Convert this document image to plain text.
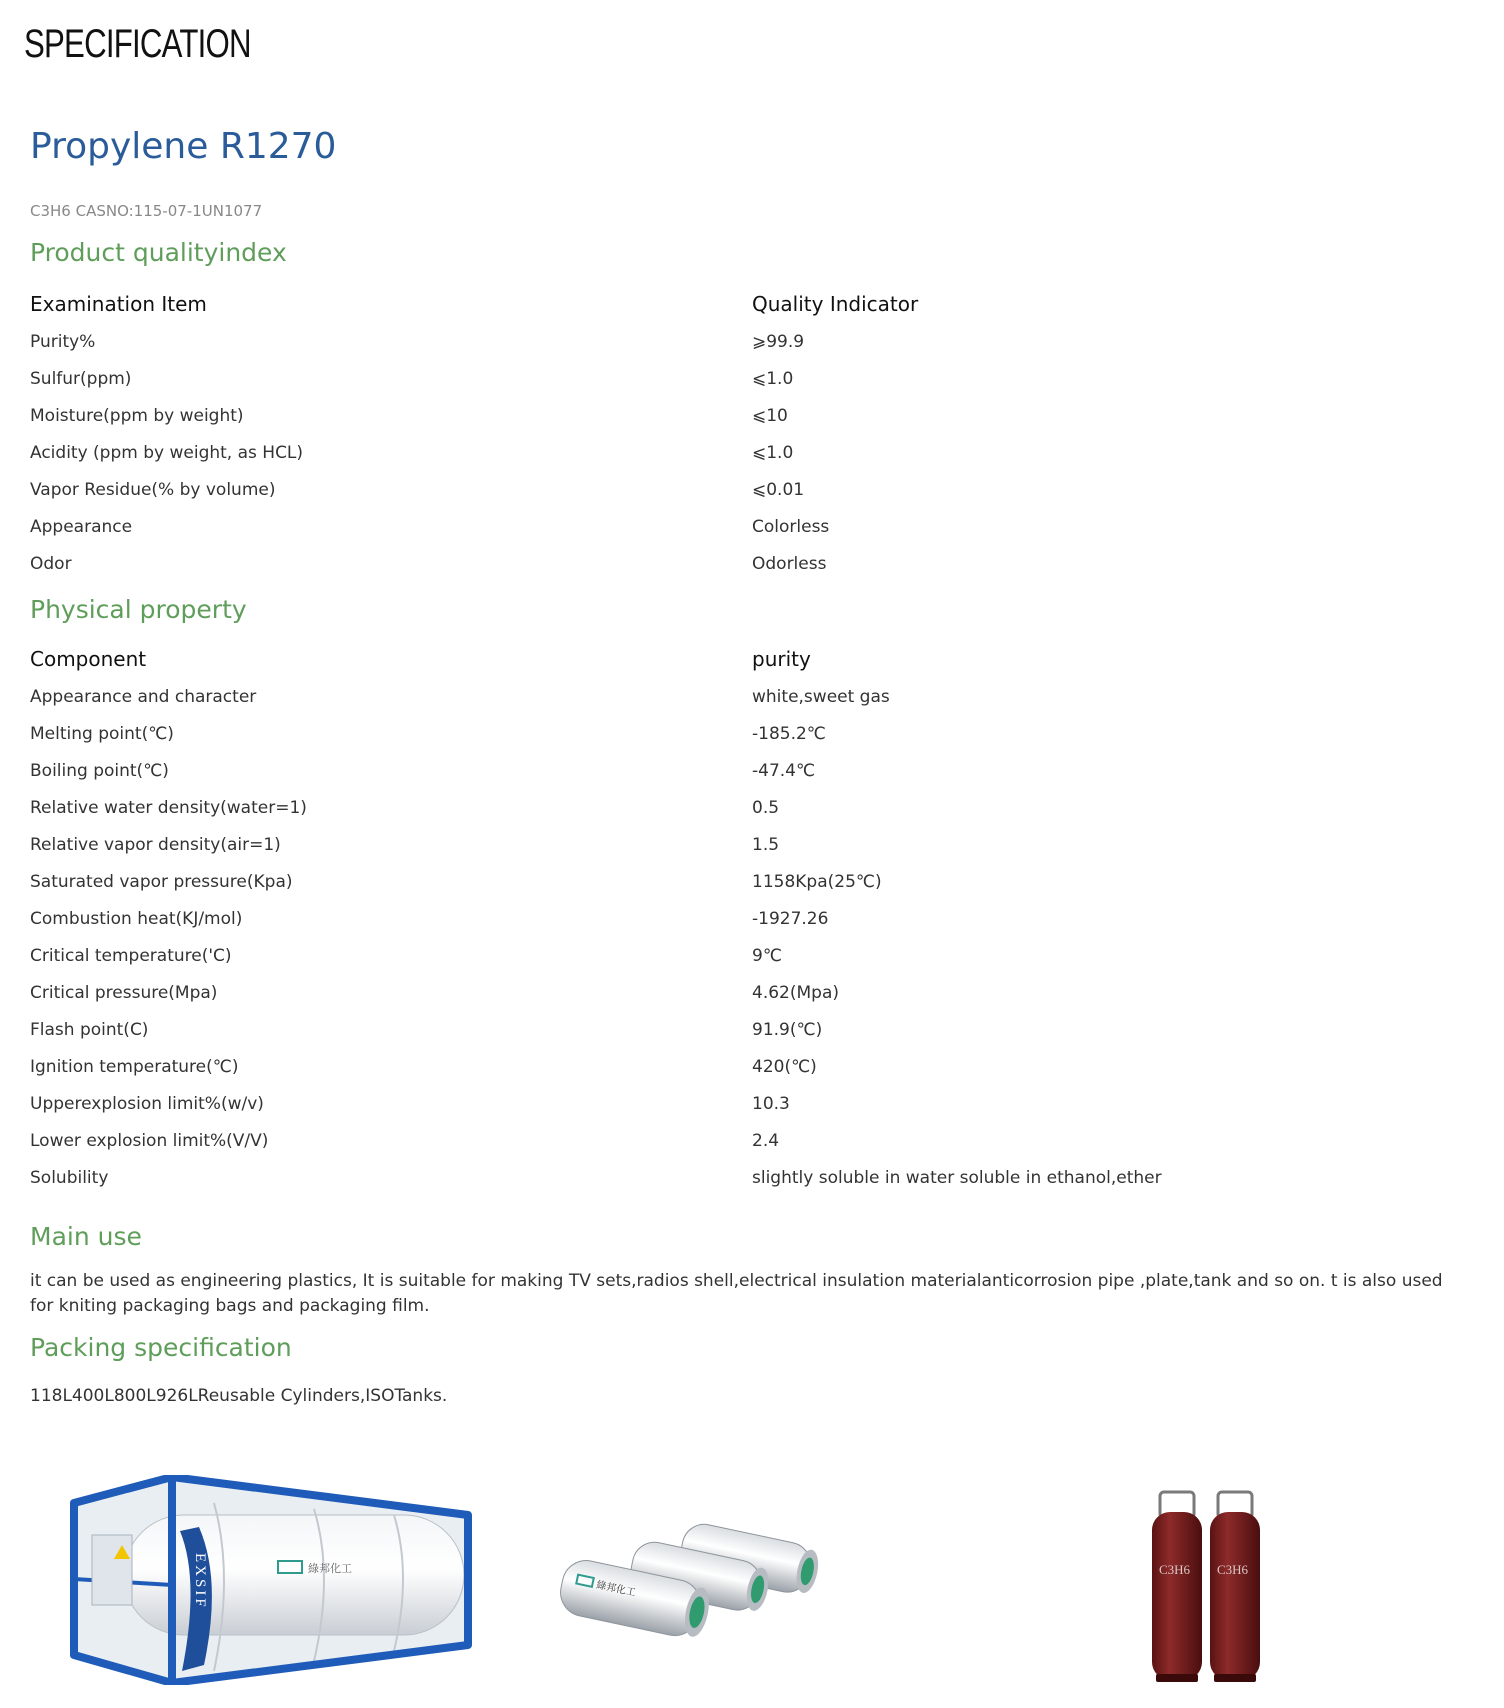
SPECIFICATION
Propylene R1270
C3H6 CASNO:115-07-1UN1077
Product qualityindex
Examination Item	Quality Indicator
Purity%	⩾99.9
Sulfur(ppm)	⩽1.0
Moisture(ppm by weight)	⩽10
Acidity (ppm by weight, as HCL)	⩽1.0
Vapor Residue(% by volume)	⩽0.01
Appearance	Colorless
Odor	Odorless
Physical property
Component	purity
Appearance and character	white,sweet gas
Melting point(℃)	-185.2℃
Boiling point(℃)	-47.4℃
Relative water density(water=1)	0.5
Relative vapor density(air=1)	1.5
Saturated vapor pressure(Kpa)	1158Kpa(25℃)
Combustion heat(KJ/mol)	-1927.26
Critical temperature('C)	9℃
Critical pressure(Mpa)	4.62(Mpa)
Flash point(C)	91.9(℃)
Ignition temperature(℃)	420(℃)
Upperexplosion limit%(w/v)	10.3
Lower explosion limit%(V/V)	2.4
Solubility	slightly soluble in water soluble in ethanol,ether
Main use
it can be used as engineering plastics, It is suitable for making TV sets,radios shell,electrical insulation materialanticorrosion pipe ,plate,tank and so on. t is also used for kniting packaging bags and packaging film.
Packing specification
118L400L800L926LReusable Cylinders,ISOTanks.
EXSIF	綠邦化工
綠邦化工
C3H6 C3H6
